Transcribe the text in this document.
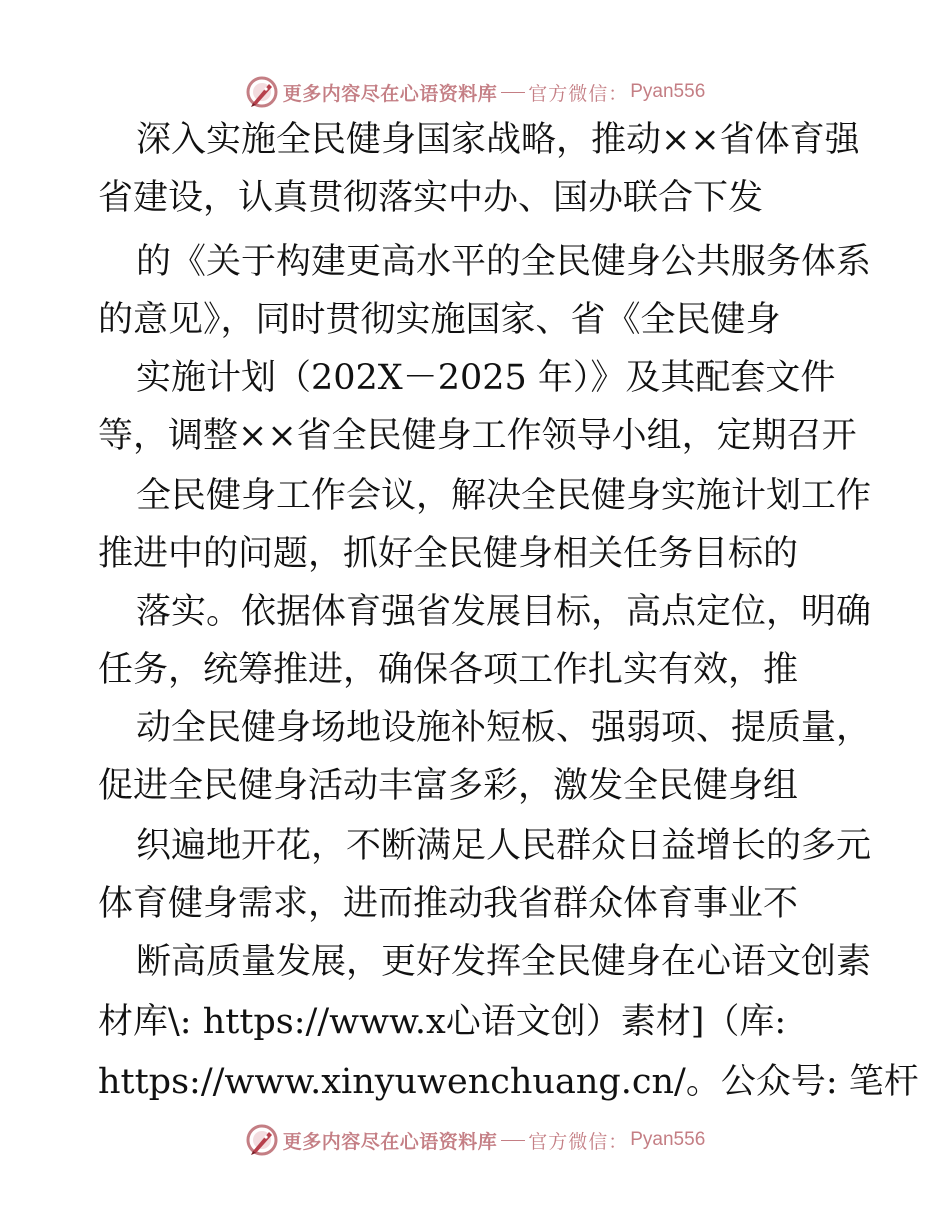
更多内容尽在心语资料库 官方微信： Pyan556
深入实施全民健身国家战略，推动××省体育强
省建设，认真贯彻落实中办、国办联合下发
的《关于构建更高水平的全民健身公共服务体系
的意见》，同时贯彻实施国家、省《全民健身
实施计划（202X－2025 年）》及其配套文件
等，调整××省全民健身工作领导小组，定期召开
全民健身工作会议，解决全民健身实施计划工作
推进中的问题，抓好全民健身相关任务目标的
落实。依据体育强省发展目标，高点定位，明确
任务，统筹推进，确保各项工作扎实有效，推
动全民健身场地设施补短板、强弱项、提质量，
促进全民健身活动丰富多彩，激发全民健身组
织遍地开花，不断满足人民群众日益增长的多元
体育健身需求，进而推动我省群众体育事业不
断高质量发展，更好发挥全民健身在心语文创素
材库\: https://www.x心语文创）素材]（库:
https://www.xinyuwenchuang.cn/。公众号: 笔杆
更多内容尽在心语资料库 官方微信： Pyan556
